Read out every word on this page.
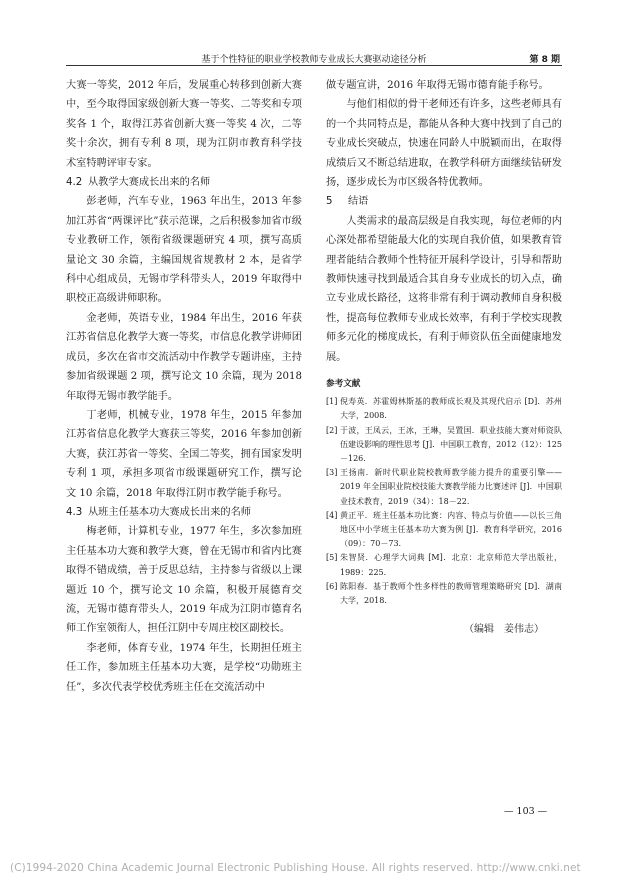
基于个性特征的职业学校教师专业成长大赛驱动途径分析	第 8 期

大赛一等奖，2012 年后，发展重心转移到创新大赛中，至今取得国家级创新大赛一等奖、二等奖和专项奖各 1 个，取得江苏省创新大赛一等奖 4 次，二等奖十余次，拥有专利 8 项，现为江阴市教育科学技术室特聘评审专家。

4.2 从教学大赛成长出来的名师

彭老师，汽车专业，1963 年出生，2013 年参加江苏省“两课评比”获示范课，之后积极参加省市级专业教研工作，领衔省级课题研究 4 项，撰写高质量论文 30 余篇，主编国规省规教材 2 本，是省学科中心组成员，无锡市学科带头人，2019 年取得中职校正高级讲师职称。

金老师，英语专业，1984 年出生，2016 年获江苏省信息化教学大赛一等奖，市信息化教学讲师团成员，多次在省市交流活动中作教学专题讲座，主持参加省级课题 2 项，撰写论文 10 余篇，现为 2018 年取得无锡市教学能手。

丁老师，机械专业，1978 年生，2015 年参加江苏省信息化教学大赛获三等奖，2016 年参加创新大赛，获江苏省一等奖、全国二等奖，拥有国家发明专利 1 项，承担多项省市级课题研究工作，撰写论文 10 余篇，2018 年取得江阴市教学能手称号。

4.3 从班主任基本功大赛成长出来的名师

梅老师，计算机专业，1977 年生，多次参加班主任基本功大赛和教学大赛，曾在无锡市和省内比赛取得不错成绩，善于反思总结，主持参与省级以上课题近 10 个，撰写论文 10 余篇，积极开展德育交流，无锡市德育带头人，2019 年成为江阴市德育名师工作室领衔人，担任江阴中专周庄校区副校长。

李老师，体育专业，1974 年生，长期担任班主任工作，参加班主任基本功大赛，是学校“功勋班主任”，多次代表学校优秀班主任在交流活动中

做专题宣讲，2016 年取得无锡市德育能手称号。

与他们相似的骨干老师还有许多，这些老师具有的一个共同特点是，都能从各种大赛中找到了自己的专业成长突破点，快速在同龄人中脱颖而出，在取得成绩后又不断总结进取，在教学科研方面继续钻研发扬，逐步成长为市区级各特优教师。

5 结语

人类需求的最高层级是自我实现，每位老师的内心深处都希望能最大化的实现自我价值，如果教育管理者能结合教师个性特征开展科学设计，引导和帮助教师快速寻找到最适合其自身专业成长的切入点，确立专业成长路径，这将非常有利于调动教师自身积极性，提高每位教师专业成长效率，有利于学校实现教师多元化的梯度成长，有利于师资队伍全面健康地发展。

参考文献
[1] 倪寿英．苏霍姆林斯基的教师成长观及其现代启示 [D]．苏州大学，2008.
[2] 于波，王凤云，王冰，王琳，吴置国．职业技能大赛对师资队伍建设影响的理性思考 [J]．中国职工教育，2012（12）：125－126.
[3] 王扬南．新时代职业院校教师教学能力提升的重要引擎——2019 年全国职业院校技能大赛教学能力比赛述评 [J]．中国职业技术教育，2019（34）：18－22.
[4] 黄正平．班主任基本功比赛：内容、特点与价值——以长三角地区中小学班主任基本功大赛为例 [J]．教育科学研究，2016（09）：70－73.
[5] 朱智贤．心理学大词典 [M]．北京：北京师范大学出版社，1989：225.
[6] 陈阳春．基于教师个性多样性的教师管理策略研究 [D]．湖南大学，2018.
（编辑　姜伟志）
— 103 —
(C)1994-2020 China Academic Journal Electronic Publishing House. All rights reserved. http://www.cnki.net
